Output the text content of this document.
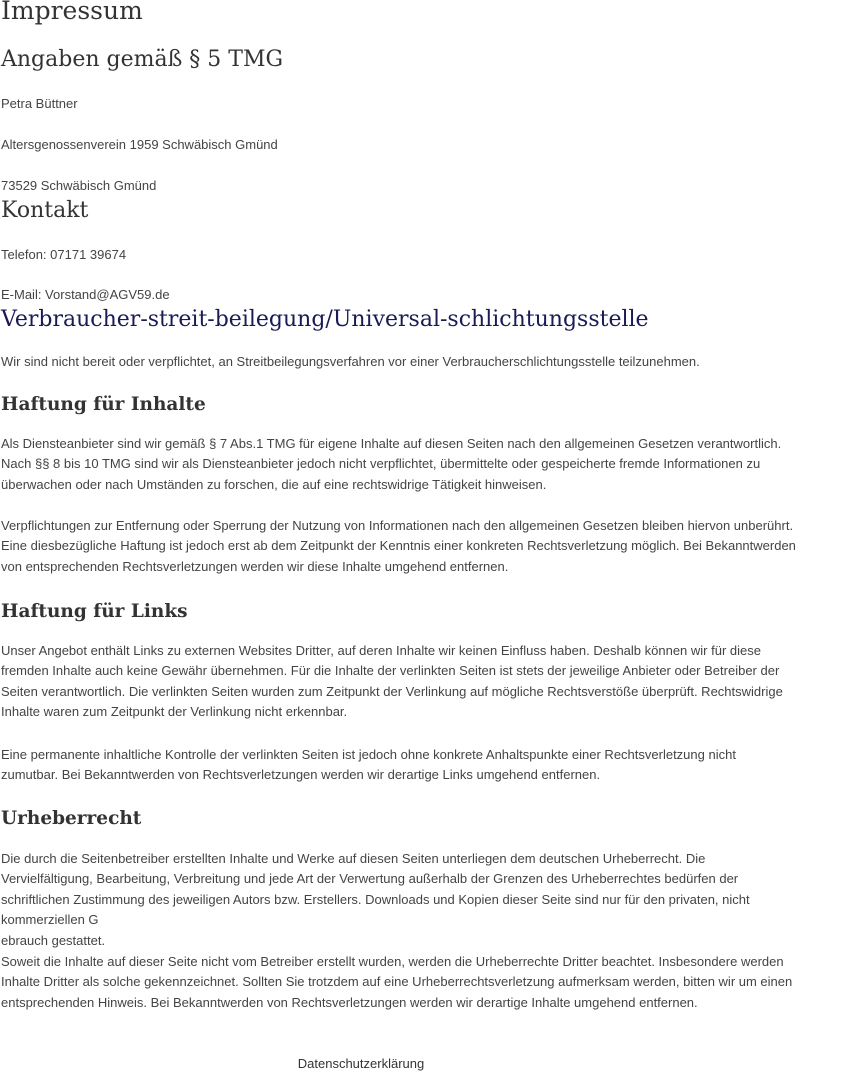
Impressum
Angaben gemäß § 5 TMG

Petra Büttner

Altersgenossenverein 1959 Schwäbisch Gmünd

73529 Schwäbisch Gmünd

Kontakt

Telefon: 07171 39674

E-Mail: Vorstand@AGV59.de

Verbraucher-streit-beilegung/Universal-schlichtungsstelle

Wir sind nicht bereit oder verpflichtet, an Streitbeilegungsverfahren vor einer Verbraucherschlichtungsstelle teilzunehmen.

Haftung für Inhalte
Als Diensteanbieter sind wir gemäß § 7 Abs.1 TMG für eigene Inhalte auf diesen Seiten nach den allgemeinen Gesetzen verantwortlich.
Nach §§ 8 bis 10 TMG sind wir als Diensteanbieter jedoch nicht verpflichtet, übermittelte oder gespeicherte fremde Informationen zu
überwachen oder nach Umständen zu forschen, die auf eine rechtswidrige Tätigkeit hinweisen.
Verpflichtungen zur Entfernung oder Sperrung der Nutzung von Informationen nach den allgemeinen Gesetzen bleiben hiervon unberührt.
Eine diesbezügliche Haftung ist jedoch erst ab dem Zeitpunkt der Kenntnis einer konkreten Rechtsverletzung möglich. Bei Bekanntwerden
von entsprechenden Rechtsverletzungen werden wir diese Inhalte umgehend entfernen.
Haftung für Links
Unser Angebot enthält Links zu externen Websites Dritter, auf deren Inhalte wir keinen Einfluss haben. Deshalb können wir für diese
fremden Inhalte auch keine Gewähr übernehmen. Für die Inhalte der verlinkten Seiten ist stets der jeweilige Anbieter oder Betreiber der
Seiten verantwortlich. Die verlinkten Seiten wurden zum Zeitpunkt der Verlinkung auf mögliche Rechtsverstöße überprüft. Rechtswidrige
Inhalte waren zum Zeitpunkt der Verlinkung nicht erkennbar.
Eine permanente inhaltliche Kontrolle der verlinkten Seiten ist jedoch ohne konkrete Anhaltspunkte einer Rechtsverletzung nicht
zumutbar. Bei Bekanntwerden von Rechtsverletzungen werden wir derartige Links umgehend entfernen.
Urheberrecht
Die durch die Seitenbetreiber erstellten Inhalte und Werke auf diesen Seiten unterliegen dem deutschen Urheberrecht. Die
Vervielfältigung, Bearbeitung, Verbreitung und jede Art der Verwertung außerhalb der Grenzen des Urheberrechtes bedürfen der
schriftlichen Zustimmung des jeweiligen Autors bzw. Erstellers. Downloads und Kopien dieser Seite sind nur für den privaten, nicht
kommerziellen G
ebrauch gestattet.
Soweit die Inhalte auf dieser Seite nicht vom Betreiber erstellt wurden, werden die Urheberrechte Dritter beachtet. Insbesondere werden
Inhalte Dritter als solche gekennzeichnet. Sollten Sie trotzdem auf eine Urheberrechtsverletzung aufmerksam werden, bitten wir um einen
entsprechenden Hinweis. Bei Bekanntwerden von Rechtsverletzungen werden wir derartige Inhalte umgehend entfernen.
Datenschutzerklärung
